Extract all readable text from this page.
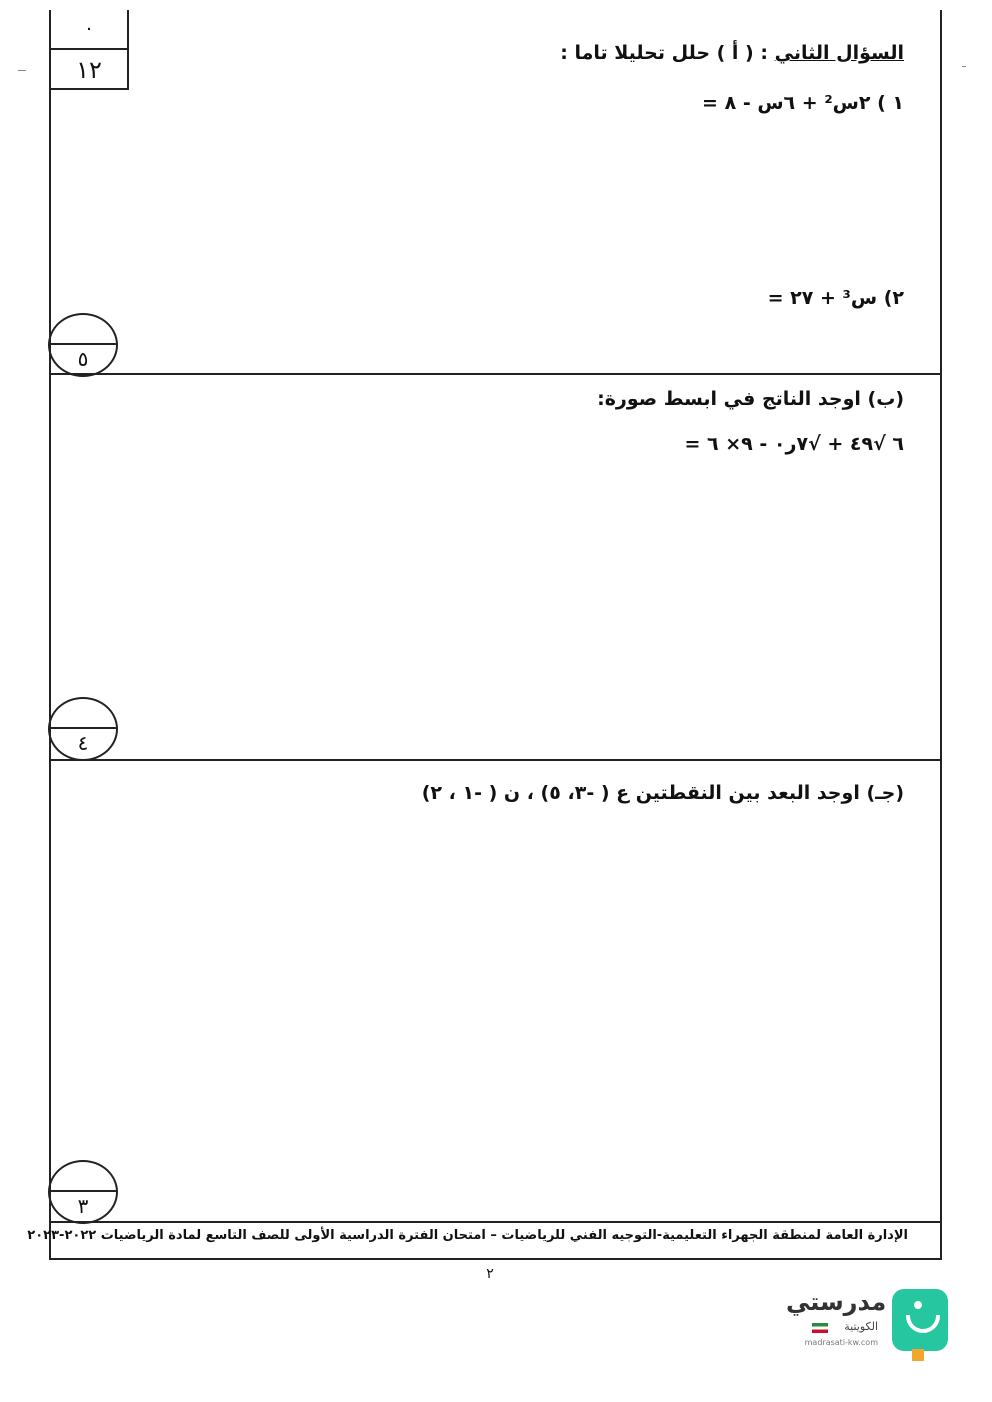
٠
١٢
السؤال الثاني : ( أ ) حلل تحليلا تاما :
١ ) ٢س² + ٦س - ٨ =
٢) س³ + ٢٧ =
٥
(ب) اوجد الناتج في ابسط صورة:
٦ √٤٩ + √٧ر٠ - ٩× ٦ =
٤
(جـ) اوجد البعد بين النقطتين ع ( -٣، ٥) ، ن ( -١ ، ٢)
٣
الإدارة العامة لمنطقة الجهراء التعليمية-التوجيه الفني للرياضيات – امتحان الفترة الدراسية الأولى للصف التاسع لمادة الرياضيات ٢٠٢٢-٢٠٢٣
٢
مدرستي
الكويتية
madrasati-kw.com
